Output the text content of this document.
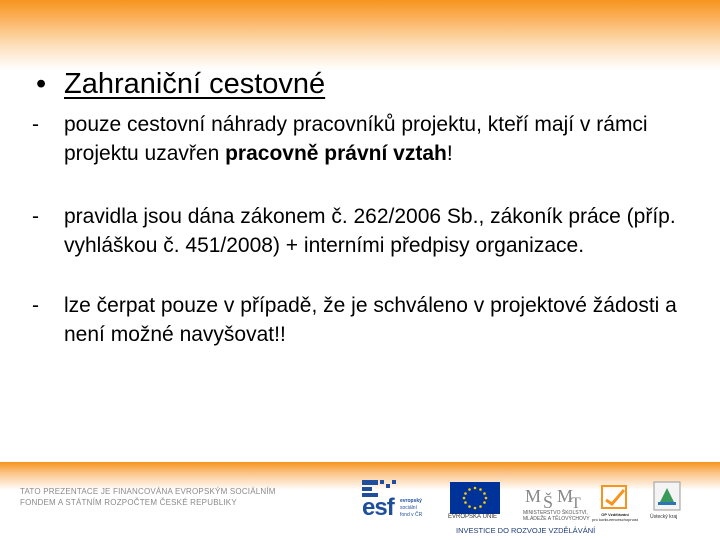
• Zahraniční cestovné
- pouze cestovní náhrady pracovníků projektu, kteří mají v rámci projektu uzavřen pracovně právní vztah!
- pravidla jsou dána zákonem č. 262/2006 Sb., zákoník práce (příp. vyhláškou č. 451/2008) + interními předpisy organizace.
- lze čerpat pouze v případě, že je schváleno v projektové žádosti a není možné navyšovat!!
TATO PREZENTACE JE FINANCOVÁNA EVROPSKÝM SOCIÁLNÍM
FONDEM A STÁTNÍM ROZPOČTEM ČESKÉ REPUBLIKY	esf evropský
sociální
fond v ČR	EVROPSKÁ UNIE
M Š M
T
MINISTERSTVO ŠKOLSTVÍ,
MLÁDEŽE A TĚLOVÝCHOVY
OP Vzdělávání
pro konkurenceschopnost	Ústecký kraj
INVESTICE DO ROZVOJE VZDĚLÁVÁNÍ
